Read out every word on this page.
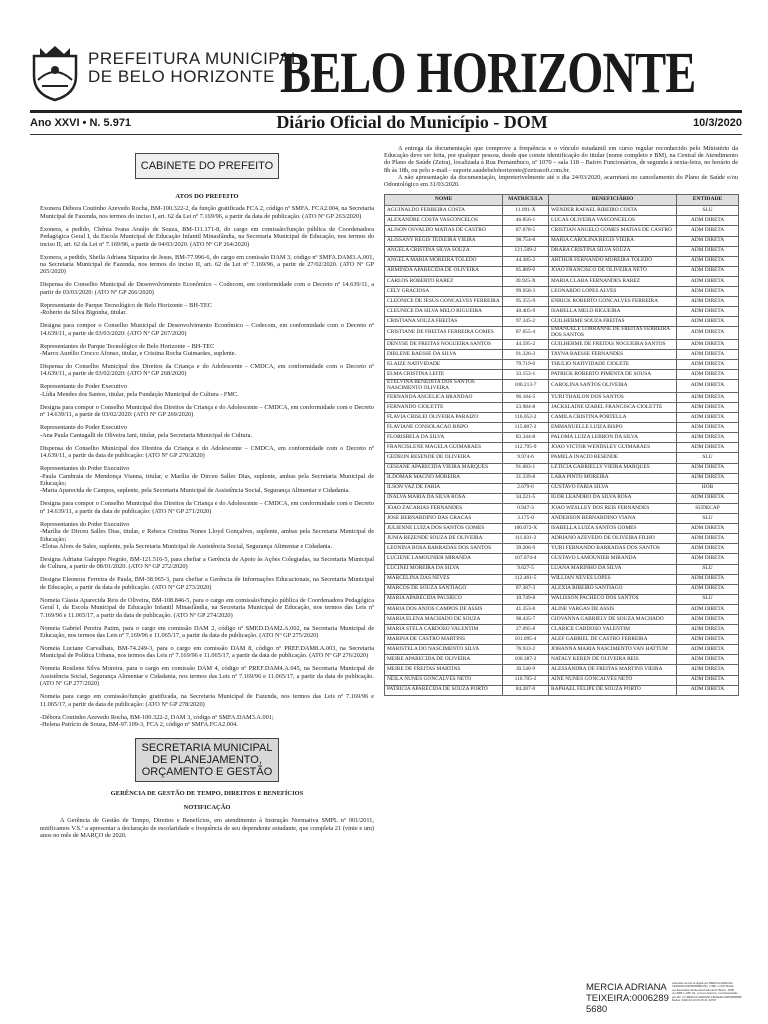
PREFEITURA MUNICIPAL
DE BELO HORIZONTE BELO HORIZONTE
Ano XXVI • N. 5.971	Diário Oficial do Município - DOM	10/3/2020
CABINETE DO PREFEITO
ATOS DO PREFEITO

Exonera Débora Coutinho Azevedo Rocha, BM-100.322-2, da função gratificada FCA 2, código nº SMFA. FCA2.004, na Secretaria Municipal de Fazenda, nos termos do inciso I, art. 62 da Lei nº 7.169/96, a partir da data de publicação. (ATO Nº GP 263/2020)

Exonera, a pedido, Chênia Ivana Araújo de Souza, BM-111.171-8, do cargo em comissão/função pública de Coordenadora Pedagógica Geral I, da Escola Municipal de Educação Infantil Minasfândia, na Secretaria Municipal de Educação, nos termos do inciso II, art. 62 da Lei nº 7.169/96, a partir de 04/03/2020. (ATO Nº GP 264/2020)

Exonera, a pedido, Sheila Adriana Siqueira de Jesus, BM-77.996-6, do cargo em comissão DAM 3, código nº SMFA.DAM3.A.001, na Secretaria Municipal de Fazenda, nos termos do inciso II, art. 62 da Lei nº 7.169/96, a partir de 27/02/2020. (ATO Nº GP 265/2020)

Dispensa do Conselho Municipal de Desenvolvimento Econômico – Codecom, em conformidade com o Decreto nº 14.639/11, a partir de 03/03/2020: (ATO Nº GP 266/2020)

Representante do Parque Tecnológico de Belo Horizonte – BH-TEC
-Roberto da Silva Bigonha, titular.

Designa para compor o Conselho Municipal de Desenvolvimento Econômico – Codecom, em conformidade com o Decreto nº 14.639/11, a partir de 03/03/2020: (ATO Nº GP 267/2020)

Representantes do Parque Tecnológico de Belo Horizonte – BH-TEC
-Marco Aurélio Crocco Afonso, titular, e Cristina Rocha Guimarães, suplente.

Dispensa do Conselho Municipal dos Direitos da Criança e do Adolescente - CMDCA, em conformidade com o Decreto nº 14.639/11, a partir de 03/02/2020: (ATO Nº GP 268/2020)

Representante do Poder Executivo
-Lídia Mendes dos Santos, titular, pela Fundação Municipal de Cultura - FMC.

Designa para compor o Conselho Municipal dos Direitos da Criança e do Adolescente – CMDCA, em conformidade com o Decreto nº 14.639/11, a partir de 03/02/2020: (ATO Nº GP 269/2020)

Representante do Poder Executivo
-Ana Paula Cantagalli de Oliveira Iani, titular, pela Secretaria Municipal de Cultura.

Dispensa do Conselho Municipal dos Direitos da Criança e do Adolescente – CMDCA, em conformidade com o Decreto nº 14.639/11, a partir da data de publicação: (ATO Nº GP 270/2020)

Representantes do Poder Executivo
-Paula Cambraia de Mendonça Vianna, titular, e Marília de Dirceu Salles Dias, suplente, ambas pela Secretaria Municipal de Educação;
-Maria Aparecida de Campos, suplente, pela Secretaria Municipal de Assistência Social, Segurança Alimentar e Cidadania.

Designa para compor o Conselho Municipal dos Direitos da Criança e do Adolescente – CMDCA, em conformidade com o Decreto nº 14.639/11, a partir da data de publicação: (ATO Nº GP 271/2020)

Representantes do Poder Executivo
-Marília de Dirceu Salles Dias, titular, e Rebeca Cristina Nunes Lloyd Gonçalves, suplente, ambas pela Secretaria Municipal de Educação;
-Eloisa Alves de Sales, suplente, pela Secretaria Municipal de Assistência Social, Segurança Alimentar e Cidadania.

Designa Adriana Galuppo Negrão, BM-121.516-5, para chefiar a Gerência de Apoio às Ações Colegiadas, na Secretaria Municipal de Cultura, a partir de 08/01/2020. (ATO Nº GP 272/2020)

Designa Eleonora Ferreira de Paula, BM-38.965-3, para chefiar a Gerência de Informações Educacionais, na Secretaria Municipal de Educação, a partir da data de publicação. (ATO Nº GP 273/2020)

Nomeia Cássia Aparecida Reis de Oliveira, BM-108.846-5, para o cargo em comissão/função pública de Coordenadora Pedagógica Geral I, da Escola Municipal de Educação Infantil Minasfândia, na Secretaria Municipal de Educação, nos termos das Leis nº 7.169/96 e 11.065/17, a partir da data de publicação. (ATO Nº GP 274/2020)

Nomeia Gabriel Pereira Patim, para o cargo em comissão DAM 2, código nº SMED.DAM2.A.002, na Secretaria Municipal de Educação, nos termos das Leis nº 7.169/96 e 11.065/17, a partir da data de publicação. (ATO Nº GP 275/2020)

Nomeia Luciane Carvalhais, BM-74.249-3, para o cargo em comissão DAM 8, código nº PREF.DAM8.A.003, na Secretaria Municipal de Política Urbana, nos termos das Leis nº 7.169/96 e 11.065/17, a partir da data de publicação. (ATO Nº GP 276/2020)

Nomeia Rosilene Silva Moreira, para o cargo em comissão DAM 4, código nº PREF.DAM4.A.045, na Secretaria Municipal de Assistência Social, Segurança Alimentar e Cidadania, nos termos das Leis nº 7.169/96 e 11.065/17, a partir da data de publicação. (ATO Nº GP 277/2020)

Nomeia para cargo em comissão/função gratificada, na Secretaria Municipal de Fazenda, nos termos das Leis nº 7.169/96 e 11.065/17, a partir da data de publicação: (ATO Nº GP 278/2020)

-Débora Coutinho Azevedo Rocha, BM-100.322-2, DAM 3, código nº SMFA.DAM3.A.001;
-Helena Patrício de Souza, BM-97.109-3, FCA 2, código nº SMFA.FCA2.004.

SECRETARIA MUNICIPAL DE PLANEJAMENTO, ORÇAMENTO E GESTÃO
GERÊNCIA DE GESTÃO DE TEMPO, DIREITOS E BENEFÍCIOS
NOTIFICAÇÃO

A Gerência de Gestão de Tempo, Direitos e Benefícios, em atendimento à Instrução Normativa SMPL nº 001/2011, notificamos V.S.ª a apresentar a declaração de escolaridade e frequência de seu dependente estudante, que completa 21 (vinte e um) anos no mês de MARÇO de 2020.

A entrega da documentação que comprove a frequência e o vínculo estudantil em curso regular reconhecido pelo Ministério da Educação deve ser feita, por qualquer pessoa, desde que conste identificação do titular (nome completo e BM), na Central de Atendimento do Plano de Saúde (Zetra), localizada à Rua Pernambuco, nº 1070 – sala 118 – Bairro Funcionários, de segunda à sexta-feira, no horário de 8h às 18h, ou pelo e-mail - suporte.saudebelohorizonte@zetrasoft.com.br.

A não apresentação da documentação, impreterivelmente até o dia 24/03/2020, acarretará no cancelamento do Plano de Saúde e/ou Odontológico em 31/03/2020.

NOME	MATRÍCULA	BENEFICIÁRIO	ENTIDADE
AGUINALDO FERREIRA COSTA	11.091-X	WENDER RAFAEL RIBEIRO COSTA	SLU
ALEXANDRE COSTA VASCONCELOS	46.856-1	LUCAS OLIVEIRA VASCONCELOS	ADM DIRETA
ALISON OSVALDO MATIAS DE CASTRO	87.078-5	CRISTIAN ANGELO GOMES MATIAS DE CASTRO	ADM DIRETA
ALISSANY REGIS TEIXEIRA VIEIRA	98.754-8	MARIA CAROLINA REGIS VIEIRA	ADM DIRETA
ANGELA CRISTINA SILVA SOUZA	121.509-2	DRARA CRISTINA SILVA SOUZA	ADM DIRETA
ANGELA MARIA MOREIRA TOLEDO	44.385-2	ARTHUR FERNANDO MOREIRA TOLEDO	ADM DIRETA
ARMINDA APARECIDA DE OLIVEIRA	85.889-0	JOAO FRANCISCO DE OLIVEIRA NETO	ADM DIRETA
CARLOS ROBERTO RAREZ	39.925-X	MARIA CLARA FERNANDES RAREZ	ADM DIRETA
CELY GRACIOSA	99.958-3	LEONARDO LOPES ALVES	ADM DIRETA
CLEONICE DE JESUS GONCALVES FERREIRA	95.355-9	ENRICK ROBERTO GONCALVES FERREIRA	ADM DIRETA
CLEUNICE DA SILVA MELO RIGUEIRA	40.405-9	ISABELLA MELO RIGUEIRA	ADM DIRETA
CRISTIANA SOUZA FREITAS	97.345-2	GUILHERME SOUZA FREITAS	ADM DIRETA
CRISTIANE DE FREITAS FERREIRA GOMES	87.655-4	EMANUELE LORRANNE DE FREITAS FERREIRA DOS SANTOS	ADM DIRETA
DENYSE DE FREITAS NOGUEIRA SANTOS	44.595-2	GUILHERME DE FREITAS NOGUEIRA SANTOS	ADM DIRETA
DIRLENE BAESSE DA SILVA	91.326-3	TAYNA BAESSE FERNANDES	ADM DIRETA
ELAIZE NATIVIDADE	79.719-0	THULIO NATIVIDADE CIOLETE	ADM DIRETA
ELMA CRISTINA LEITE	33.153-1	PATRICK ROBERTO PIMENTA DE SOUSA	ADM DIRETA
ETELVINA BENEDITA DOS SANTOS NASCIMENTO OLIVEIRA	100.213-7	CAROLINA SANTOS OLIVEIRA	ADM DIRETA
FERNANDA ANGELICA BRANDAO	96.184-5	YURI THAILON DOS SANTOS	ADM DIRETA
FERNANDO CIOLETTE	23.984-8	JACKSLAINE IZABEL FRANCISCA CIOLETTE	ADM DIRETA
FLAVIA CRISLEI OLIVEIRA PARAIZO	116.052-2	CAMILA CRISTINA PORTELLA	ADM DIRETA
FLAVIANE CONSOLACAO BISPO	115.807-2	EMMANUELLE LUIZA BISPO	ADM DIRETA
FLORISBELA DA SILVA	83.344-8	PALOMA LUIZA LEBRON DA SILVA	ADM DIRETA
FRANCISLENE MAGELA GUIMARAES	112.795-9	JOAO VICTOR WENDSLEY GUIMARAES	ADM DIRETA
GEDEON RESENDE DE OLIVEIRA	9.974-6	PAMELA INACIO RESENDE	SLU
GESIANE APARECIDA VIEIRA MARQUES	91.683-1	LETICIA GABRIELLY VIEIRA MARQUES	ADM DIRETA
ILDOMAR MAGNO MOREIRA	31.339-8	LARA PINTO MOREIRA	ADM DIRETA
ILSON VAZ DE FARIA	2.679-6	GUSTAVO FARIA SILVA	HOB
INALVA MARIA DA SILVA ROSA	34.221-5	IGOR LEANDRO DA SILVA ROSA	ADM DIRETA
JOAO ZACARIAS FERNANDES	0.947-3	JOAO WESLLEY DOS REIS FERNANDES	SUDECAP
JOSE BERNARDINO DAS GRACAS	3.175-0	ANDERSON BERNARDINO VIANA	SLU
JULIENNE LUIZA DOS SANTOS GOMES	100.072-X	ISABELLA LUIZA SANTOS GOMES	ADM DIRETA
JUNIA REZENDE SOUZA DE OLIVEIRA	111.031-2	ADRIANO AZEVEDO DE OLIVEIRA FILHO	ADM DIRETA
LEONINA ROSA BARRADAS DOS SANTOS	39.206-9	YURI FERNANDO BARRADAS DOS SANTOS	ADM DIRETA
LUCIENE LAMOUNIER MIRANDA	107.074-4	GUSTAVO LAMOUNIER MIRANDA	ADM DIRETA
LUCINEI MOREIRA DA SILVA	9.627-5	LUANA MARINHO DA SILVA	SLU
MARCELINA DAS NEVES	112.461-5	WILLIAN NEVES LOPES	ADM DIRETA
MARCOS DE SOUZA SANTIAGO	87.387-3	ALEXIA RIBEIRO SANTIAGO	ADM DIRETA
MARIA APARECIDA PACHECO	10.749-8	WALISSON PACHECO DOS SANTOS	SLU
MARIA DOS ANJOS CAMPOS DE ASSIS	41.353-8	ALINE VARGAS DE ASSIS	ADM DIRETA
MARIA ELENA MACHADO DE SOUZA	98.435-7	GIOVANNA GABRIELY DE SOUZA MACHADO	ADM DIRETA
MARIA STELA CARDOSO VALENTIM	27.095-8	CLARICE CARDOSO VALENTIM	ADM DIRETA
MARINA DE CASTRO MARTINS	101.095-4	ALEF GABRIEL DE CASTRO FERREIRA	ADM DIRETA
MARISTELA DO NASCIMENTO SILVA	76.933-2	JOHANNA MARIA NASCIMENTO VAN HATTUM	ADM DIRETA
MEIRE APARECIDA DE OLIVEIRA	106.387-2	NATALY KEREN DE OLIVEIRA REIS	ADM DIRETA
MEIRE DE FREITAS MARTINS	30.540-9	ALESSANDRA DE FREITAS MARTINS VIEIRA	ADM DIRETA
NEILA NUNES GONCALVES NETO	110.705-2	AINE NUNES GONCALVES NETO	ADM DIRETA
PATRICIA APARECIDA DE SOUZA PORTO	84.287-0	RAPHAEL FELIPE DE SOUZA PORTO	ADM DIRETA
MERCIA ADRIANA
TEIXEIRA:0006289
5680
Assinado de forma digital por MERCIA ADRIANA TEIXEIRA:00062895680 DN: c=BR, o=ICP-Brasil, ou=Secretaria da Receita Federal do Brasil - RFB, ou=RFB e-CPF A3, ou=(em branco), ou=Autenticado por AR, cn=MERCIA ADRIANA TEIXEIRA:00062895680 Dados: 2020.03.10 00:15:11 -03'00'
